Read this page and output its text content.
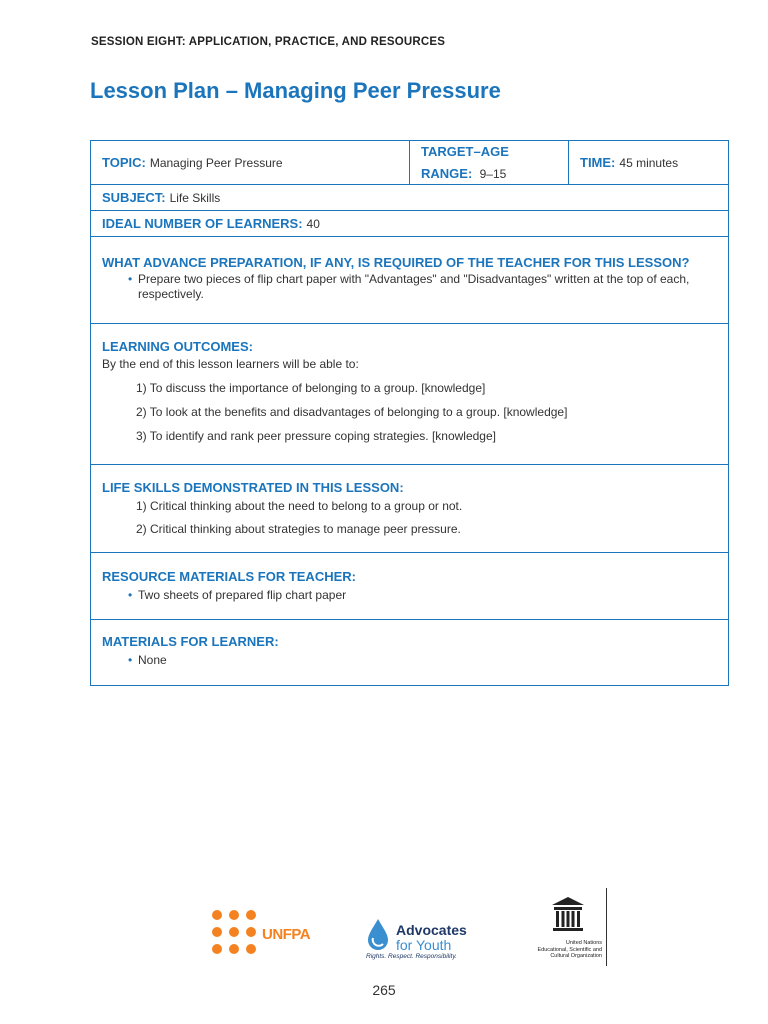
SESSION EIGHT: APPLICATION, PRACTICE, AND RESOURCES
Lesson Plan – Managing Peer Pressure
TOPIC: Managing Peer Pressure
TARGET–AGE
RANGE: 9–15
TIME: 45 minutes
SUBJECT: Life Skills
IDEAL NUMBER OF LEARNERS: 40
WHAT ADVANCE PREPARATION, IF ANY, IS REQUIRED OF THE TEACHER FOR THIS LESSON?
• Prepare two pieces of flip chart paper with "Advantages" and "Disadvantages" written at the top of each, respectively.
LEARNING OUTCOMES:
By the end of this lesson learners will be able to:
1) To discuss the importance of belonging to a group. [knowledge]
2) To look at the benefits and disadvantages of belonging to a group. [knowledge]
3) To identify and rank peer pressure coping strategies. [knowledge]
LIFE SKILLS DEMONSTRATED IN THIS LESSON:
1) Critical thinking about the need to belong to a group or not.
2) Critical thinking about strategies to manage peer pressure.
RESOURCE MATERIALS FOR TEACHER:
• Two sheets of prepared flip chart paper
MATERIALS FOR LEARNER:
• None
UNFPA	Advocates
for Youth
Rights. Respect. Responsibility.
United Nations
Educational, Scientific and
Cultural Organization
265
